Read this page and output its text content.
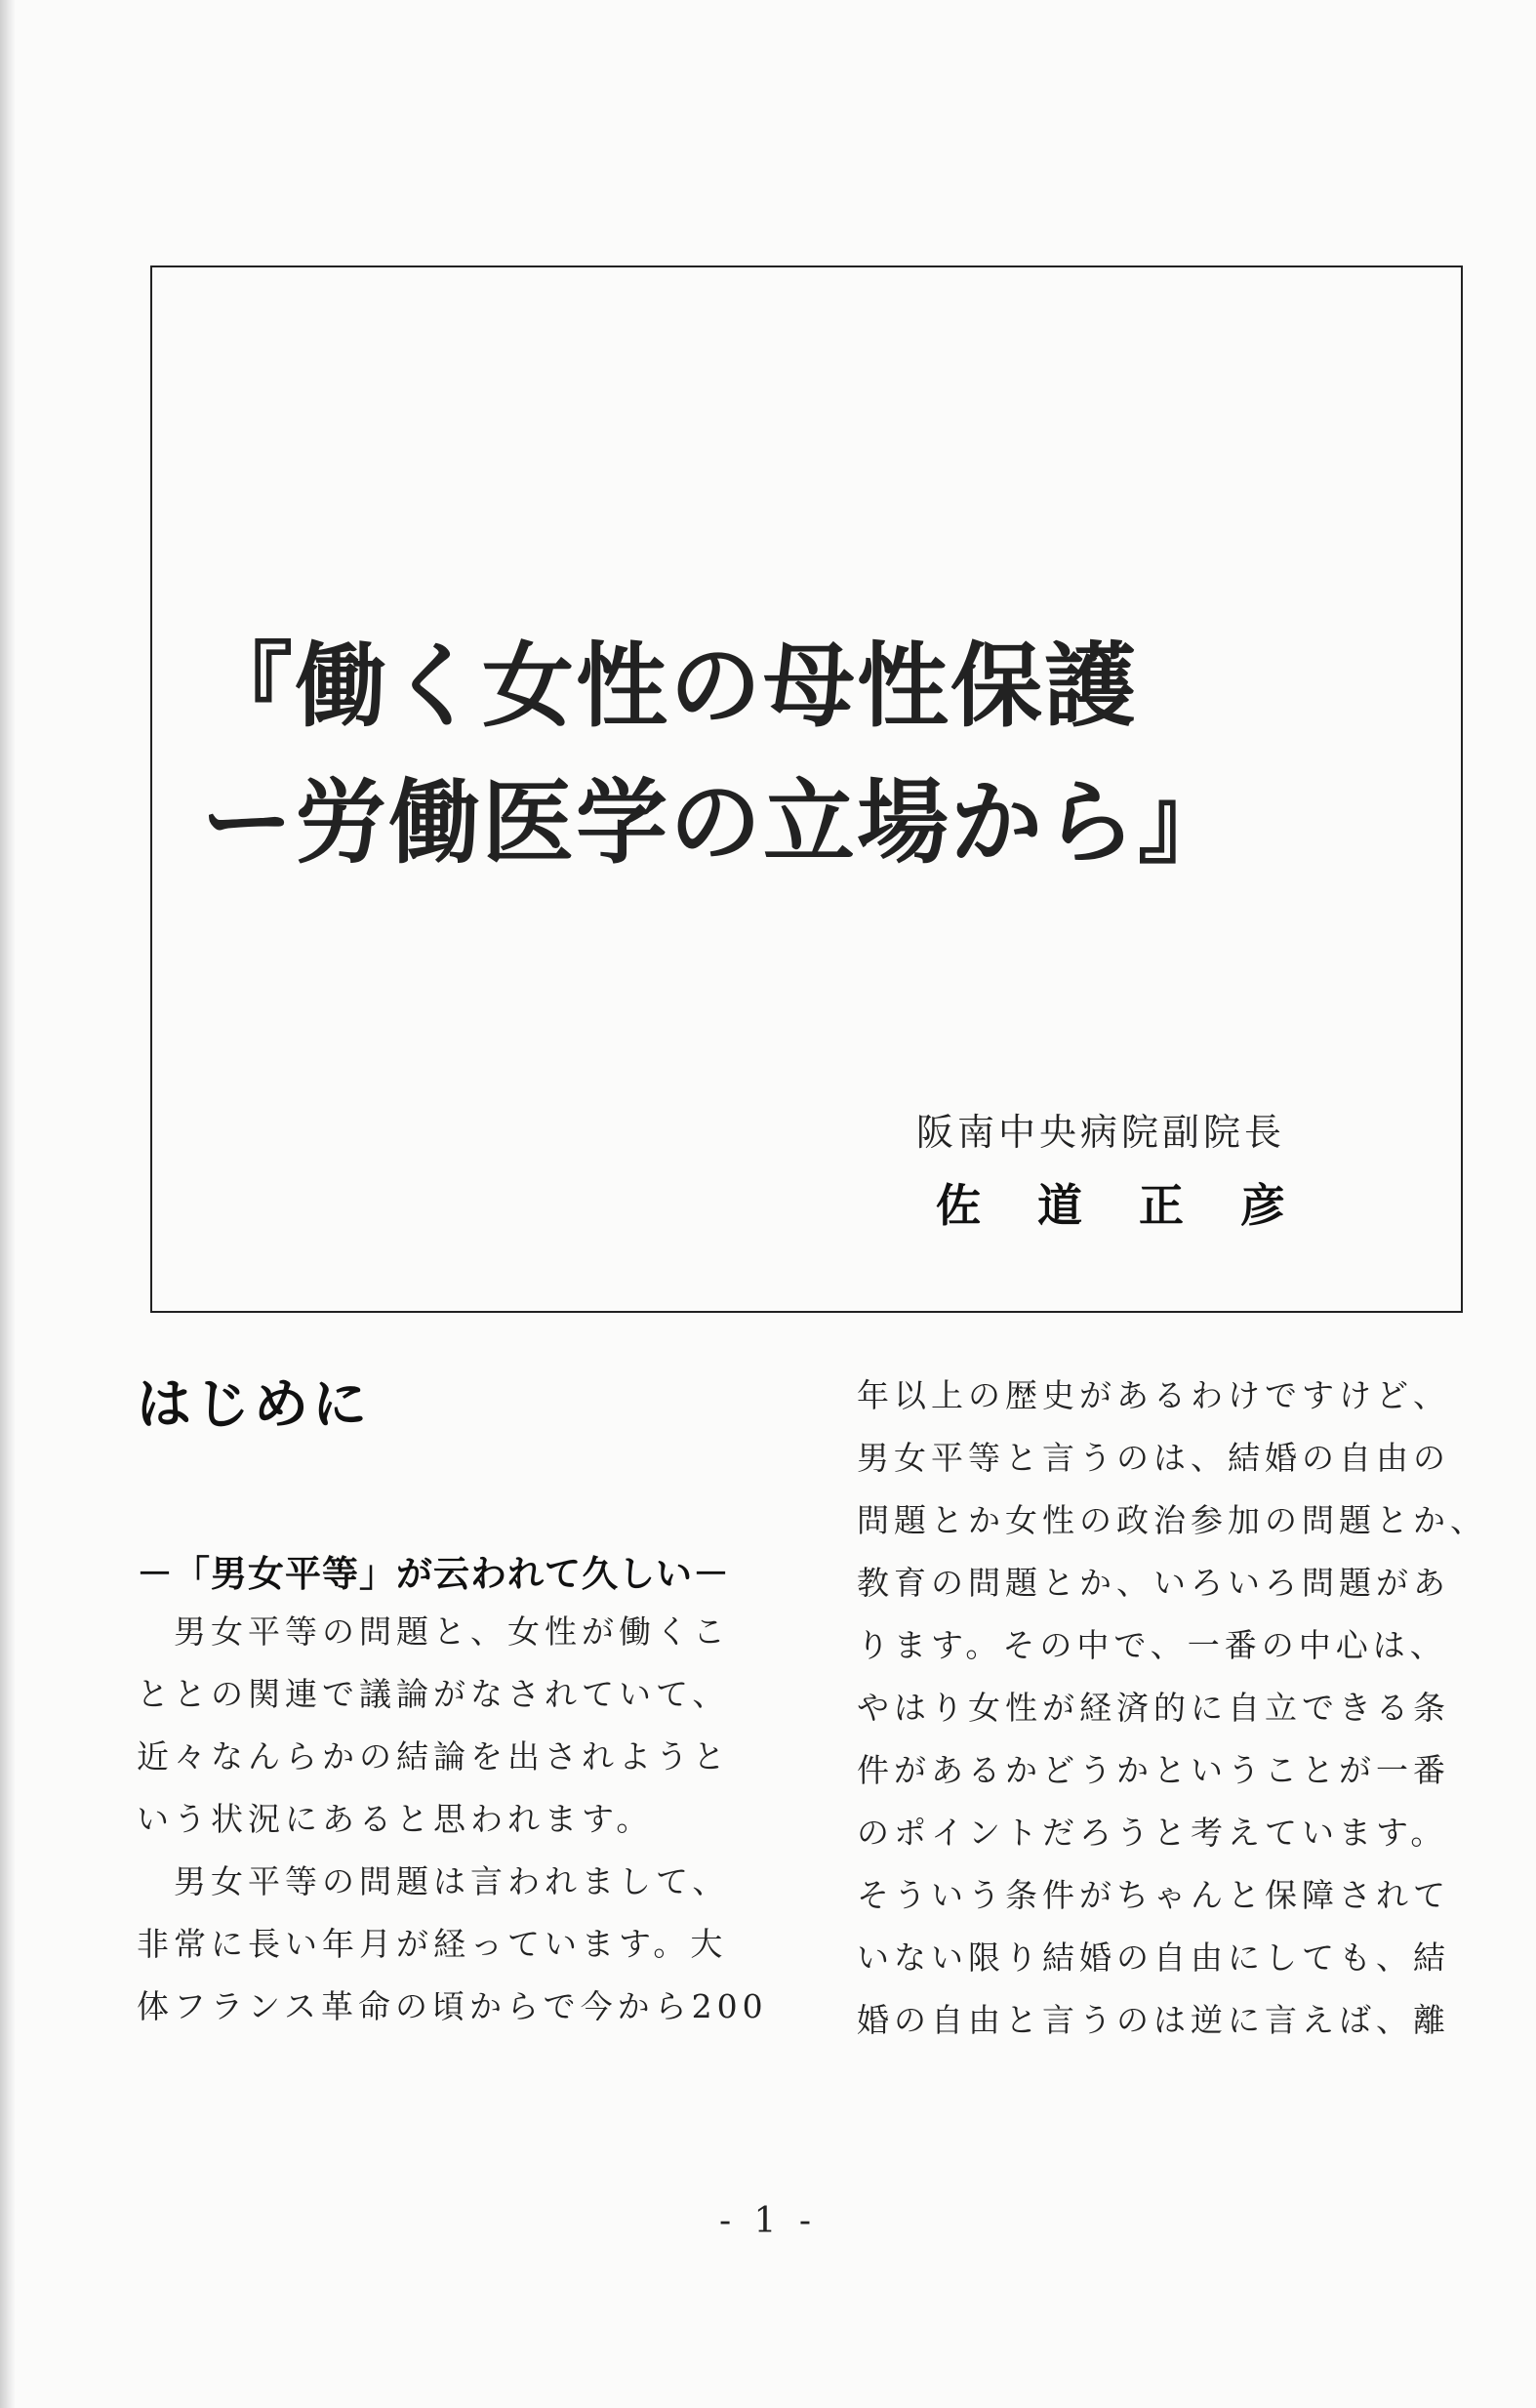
『働く女性の母性保護
ー労働医学の立場から』
阪南中央病院副院長
佐道正彦
はじめに
－「男女平等」が云われて久しい－
　男女平等の問題と、女性が働くこ
ととの関連で議論がなされていて、
近々なんらかの結論を出されようと
いう状況にあると思われます。
　男女平等の問題は言われまして、
非常に長い年月が経っています。大
体フランス革命の頃からで今から200
年以上の歴史があるわけですけど、
男女平等と言うのは、結婚の自由の
問題とか女性の政治参加の問題とか、
教育の問題とか、いろいろ問題があ
ります。その中で、一番の中心は、
やはり女性が経済的に自立できる条
件があるかどうかということが一番
のポイントだろうと考えています。
そういう条件がちゃんと保障されて
いない限り結婚の自由にしても、結
婚の自由と言うのは逆に言えば、離
- 1 -
